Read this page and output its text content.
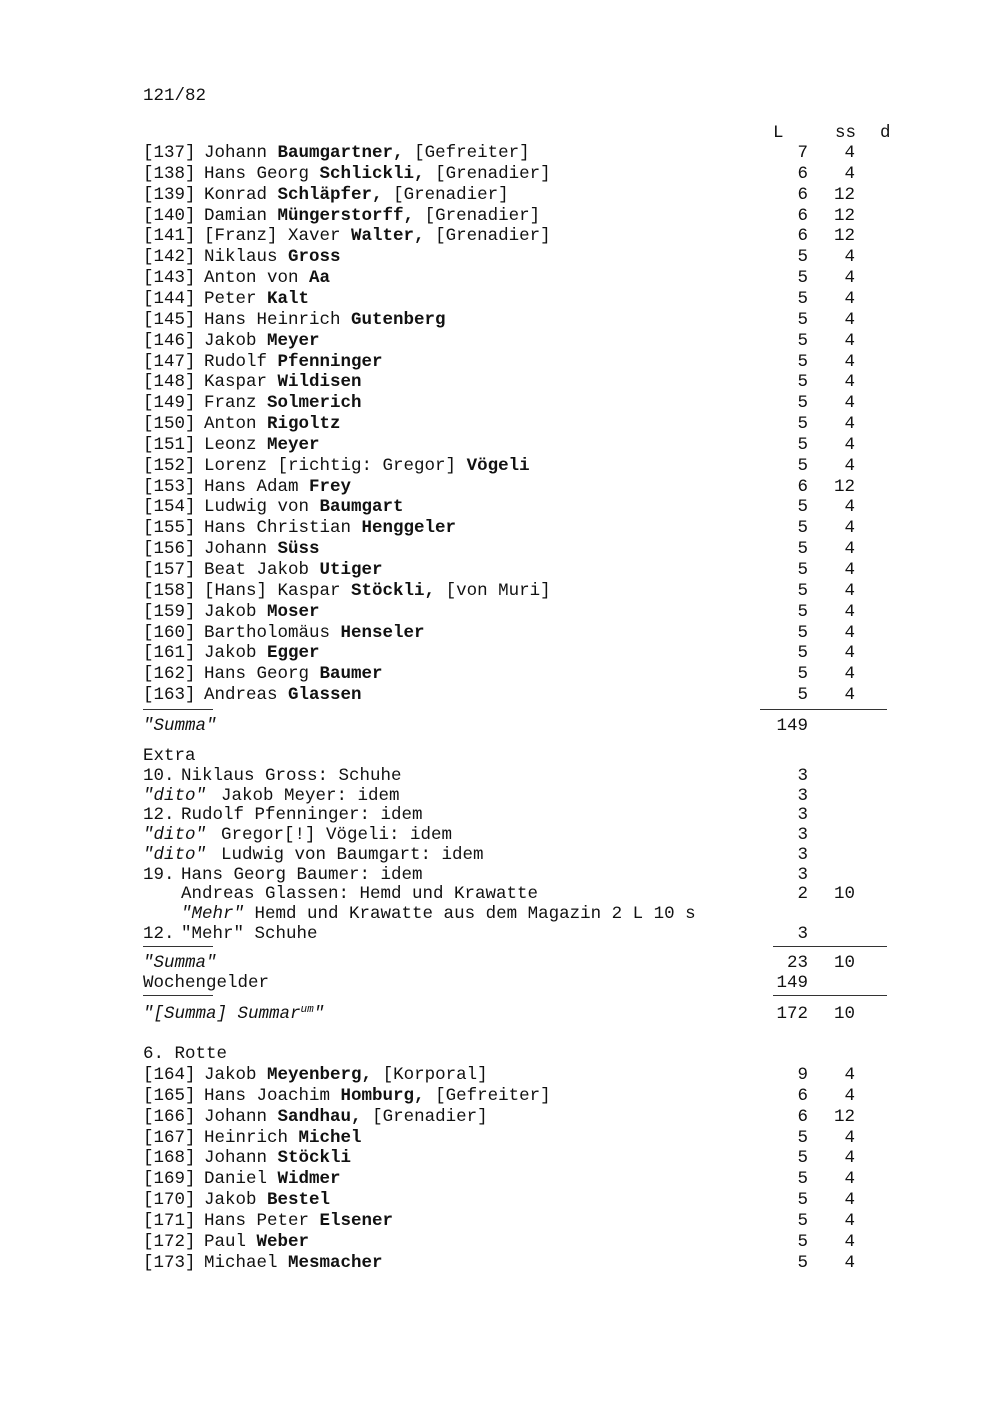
121/82
L	ss d
[137] Johann Baumgartner, [Gefreiter]	7	4
[138] Hans Georg Schlickli, [Grenadier]	6	4
[139] Konrad Schläpfer, [Grenadier]	6	12
[140] Damian Müngerstorff, [Grenadier]	6	12
[141] [Franz] Xaver Walter, [Grenadier]	6	12
[142] Niklaus Gross	5	4
[143] Anton von Aa	5	4
[144] Peter Kalt	5	4
[145] Hans Heinrich Gutenberg	5	4
[146] Jakob Meyer	5	4
[147] Rudolf Pfenninger	5	4
[148] Kaspar Wildisen	5	4
[149] Franz Solmerich	5	4
[150] Anton Rigoltz	5	4
[151] Leonz Meyer	5	4
[152] Lorenz [richtig: Gregor] Vögeli	5	4
[153] Hans Adam Frey	6	12
[154] Ludwig von Baumgart	5	4
[155] Hans Christian Henggeler	5	4
[156] Johann Süss	5	4
[157] Beat Jakob Utiger	5	4
[158] [Hans] Kaspar Stöckli, [von Muri]	5	4
[159] Jakob Moser	5	4
[160] Bartholomäus Henseler	5	4
[161] Jakob Egger	5	4
[162] Hans Georg Baumer	5	4
[163] Andreas Glassen	5	4
"Summa"	149
Extra
10. Niklaus Gross: Schuhe	3
"dito" Jakob Meyer: idem	3
12. Rudolf Pfenninger: idem	3
"dito" Gregor[!] Vögeli: idem	3
"dito" Ludwig von Baumgart: idem	3
19. Hans Georg Baumer: idem	3
Andreas Glassen: Hemd und Krawatte	2	10
"Mehr" Hemd und Krawatte aus dem Magazin 2 L 10 s
12. "Mehr" Schuhe	3
"Summa"	23	10
Wochengelder	149
"[Summa] Summar$^{um}$"	172	10
6. Rotte
[164] Jakob Meyenberg, [Korporal]	9	4
[165] Hans Joachim Homburg, [Gefreiter]	6	4
[166] Johann Sandhau, [Grenadier]	6	12
[167] Heinrich Michel	5	4
[168] Johann Stöckli	5	4
[169] Daniel Widmer	5	4
[170] Jakob Bestel	5	4
[171] Hans Peter Elsener	5	4
[172] Paul Weber	5	4
[173] Michael Mesmacher	5	4
